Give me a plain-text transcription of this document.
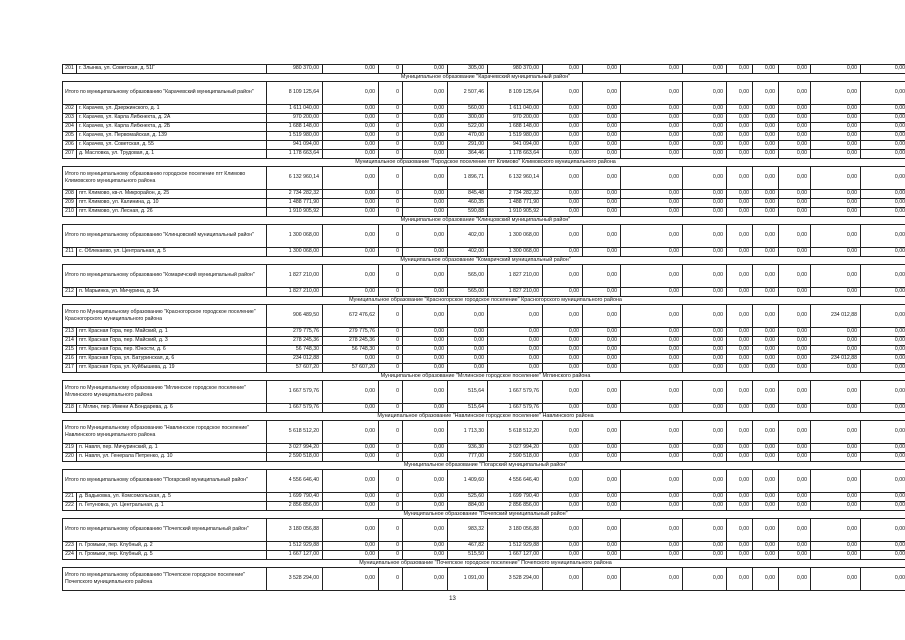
201	г. Злынка, ул. Советская, д. 51Г	980 370,00	0,00	0	0,00	305,00	980 370,00	0,00	0,00	0,00	0,00	0,00	0,00	0,00	0,00	0,00
Муниципальное образование "Карачевский муниципальный район"																
Итого по муниципальному образованию "Карачевский муниципальный район"		8 109 125,64	0,00	0	0,00	2 507,46	8 109 125,64	0,00	0,00	0,00	0,00	0,00	0,00	0,00	0,00	0,00
202	г. Карачев, ул. Дзержинского, д. 1	1 611 040,00	0,00	0	0,00	560,00	1 611 040,00	0,00	0,00	0,00	0,00	0,00	0,00	0,00	0,00	0,00
203	г. Карачев, ул. Карла Либкнехта, д. 2А	970 200,00	0,00	0	0,00	300,00	970 200,00	0,00	0,00	0,00	0,00	0,00	0,00	0,00	0,00	0,00
204	г. Карачев, ул. Карла Либкнехта, д. 2Б	1 688 148,00	0,00	0	0,00	522,00	1 688 148,00	0,00	0,00	0,00	0,00	0,00	0,00	0,00	0,00	0,00
205	г. Карачев, ул. Первомайская, д. 139	1 519 980,00	0,00	0	0,00	470,00	1 519 980,00	0,00	0,00	0,00	0,00	0,00	0,00	0,00	0,00	0,00
206	г. Карачев, ул. Советская, д. 55	941 094,00	0,00	0	0,00	291,00	941 094,00	0,00	0,00	0,00	0,00	0,00	0,00	0,00	0,00	0,00
207	д. Масловка, ул. Трудовая, д. 1	1 178 663,64	0,00	0	0,00	364,46	1 178 663,64	0,00	0,00	0,00	0,00	0,00	0,00	0,00	0,00	0,00
Муниципальное образование "Городское поселение пгт Климово" Климовского муниципального района																
Итого по муниципальному образованию городское поселение пгт Климово Климовского муниципального района		6 132 960,14	0,00	0	0,00	1 896,71	6 132 960,14	0,00	0,00	0,00	0,00	0,00	0,00	0,00	0,00	0,00
208	пгт. Климово, кв-л. Микрорайон, д. 25	2 734 282,32	0,00	0	0,00	845,48	2 734 282,32	0,00	0,00	0,00	0,00	0,00	0,00	0,00	0,00	0,00
209	пгт. Климово, ул. Калинина, д. 10	1 488 771,90	0,00	0	0,00	460,35	1 488 771,90	0,00	0,00	0,00	0,00	0,00	0,00	0,00	0,00	0,00
210	пгт. Климово, ул. Лесная, д. 26	1 910 905,92	0,00	0	0,00	590,88	1 910 905,92	0,00	0,00	0,00	0,00	0,00	0,00	0,00	0,00	0,00
Муниципальное образование "Клинцовский муниципальный район"																
Итого по муниципальному образованию "Клинцовский муниципальный район"		1 300 068,00	0,00	0	0,00	402,00	1 300 068,00	0,00	0,00	0,00	0,00	0,00	0,00	0,00	0,00	0,00
211	с. Облекаево, ул. Центральная, д. 5	1 300 068,00	0,00	0	0,00	402,00	1 300 068,00	0,00	0,00	0,00	0,00	0,00	0,00	0,00	0,00	0,00
Муниципальное образование "Комаричский муниципальный район"																
Итого по муниципальному образованию "Комаричский муниципальный район"		1 827 210,00	0,00	0	0,00	565,00	1 827 210,00	0,00	0,00	0,00	0,00	0,00	0,00	0,00	0,00	0,00
212	п. Марьинка, ул. Мичурина, д. 3А	1 827 210,00	0,00	0	0,00	565,00	1 827 210,00	0,00	0,00	0,00	0,00	0,00	0,00	0,00	0,00	0,00
Муниципальное образование "Красногорское городское поселение" Красногорского муниципального района																
Итого по Муниципальному образованию "Красногорское городское поселение" Красногорского муниципального района		906 489,50	672 476,62	0	0,00	0,00	0,00	0,00	0,00	0,00	0,00	0,00	0,00	0,00	234 012,88	0,00
213	пгт. Красная Гора, пер. Майский, д. 1	279 775,76	279 775,76	0	0,00	0,00	0,00	0,00	0,00	0,00	0,00	0,00	0,00	0,00	0,00	0,00
214	пгт. Красная Гора, пер. Майский, д. 3	278 245,36	278 245,36	0	0,00	0,00	0,00	0,00	0,00	0,00	0,00	0,00	0,00	0,00	0,00	0,00
215	пгт. Красная Гора, пер. Юности, д. 6	56 748,30	56 748,30	0	0,00	0,00	0,00	0,00	0,00	0,00	0,00	0,00	0,00	0,00	0,00	0,00
216	пгт. Красная Гора, ул. Батуринская, д. 6	234 012,88	0,00	0	0,00	0,00	0,00	0,00	0,00	0,00	0,00	0,00	0,00	0,00	234 012,88	0,00
217	пгт. Красная Гора, ул. Куйбышева, д. 19	57 607,20	57 607,20	0	0,00	0,00	0,00	0,00	0,00	0,00	0,00	0,00	0,00	0,00	0,00	0,00
Муниципальное образование "Мглинское городское поселение" Мглинского района																
Итого по Муниципальному образованию "Мглинское городское поселение" Мглинского муниципального района		1 667 579,76	0,00	0	0,00	515,64	1 667 579,76	0,00	0,00	0,00	0,00	0,00	0,00	0,00	0,00	0,00
218	г. Мглин, пер. Имени А.Бондарева, д. 6	1 667 579,76	0,00	0	0,00	515,64	1 667 579,76	0,00	0,00	0,00	0,00	0,00	0,00	0,00	0,00	0,00
Муниципальное образование "Навлинское городское поселение" Навлинского района																
Итого по Муниципальному образованию "Навлинское городское поселение" Навлинского муниципального района		5 618 512,20	0,00	0	0,00	1 713,30	5 618 512,20	0,00	0,00	0,00	0,00	0,00	0,00	0,00	0,00	0,00
219	п. Навля, пер. Мичуринский, д. 1	3 027 994,20	0,00	0	0,00	936,30	3 027 994,20	0,00	0,00	0,00	0,00	0,00	0,00	0,00	0,00	0,00
220	п. Навля, ул. Генерала Петренко, д. 10	2 590 518,00	0,00	0	0,00	777,00	2 590 518,00	0,00	0,00	0,00	0,00	0,00	0,00	0,00	0,00	0,00
Муниципальное образование "Погарский муниципальный район"																
Итого по муниципальному образованию "Погарский муниципальный район"		4 556 646,40	0,00	0	0,00	1 409,60	4 556 646,40	0,00	0,00	0,00	0,00	0,00	0,00	0,00	0,00	0,00
221	д. Вадьковка, ул. Комсомольская, д. 5	1 699 790,40	0,00	0	0,00	525,60	1 699 790,40	0,00	0,00	0,00	0,00	0,00	0,00	0,00	0,00	0,00
222	п. Гетуновка, ул. Центральная, д. 1	2 856 856,00	0,00	0	0,00	884,00	2 856 856,00	0,00	0,00	0,00	0,00	0,00	0,00	0,00	0,00	0,00
Муниципальное образование "Почепский муниципальный район"																
Итого по муниципальному образованию "Почепский муниципальный район"		3 180 056,88	0,00	0	0,00	983,32	3 180 056,88	0,00	0,00	0,00	0,00	0,00	0,00	0,00	0,00	0,00
223	п. Громыки, пер. Клубный, д. 2	1 512 929,88	0,00	0	0,00	467,82	1 512 929,88	0,00	0,00	0,00	0,00	0,00	0,00	0,00	0,00	0,00
224	п. Громыки, пер. Клубный, д. 5	1 667 127,00	0,00	0	0,00	515,50	1 667 127,00	0,00	0,00	0,00	0,00	0,00	0,00	0,00	0,00	0,00
Муниципальное образование "Почепское городское поселение" Почепского муниципального района																
Итого по муниципальному образованию "Почепское городское поселение" Почепского муниципального района		3 528 294,00	0,00	0	0,00	1 091,00	3 528 294,00	0,00	0,00	0,00	0,00	0,00	0,00	0,00	0,00	0,00
13
